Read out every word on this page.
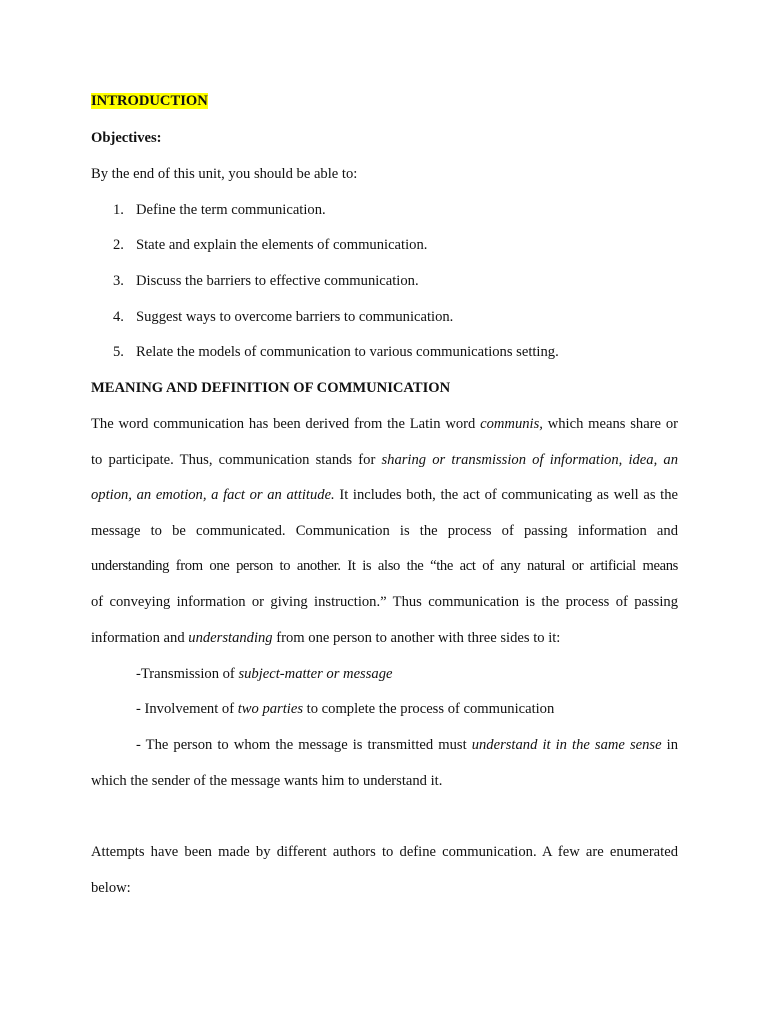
INTRODUCTION
Objectives:
By the end of this unit, you should be able to:
1. Define the term communication.
2. State and explain the elements of communication.
3. Discuss the barriers to effective communication.
4. Suggest ways to overcome barriers to communication.
5. Relate the models of communication to various communications setting.
MEANING AND DEFINITION OF COMMUNICATION
The word communication has been derived from the Latin word communis, which means share or
to participate. Thus, communication stands for sharing or transmission of information, idea, an
option, an emotion, a fact or an attitude. It includes both, the act of communicating as well as the
message to be communicated. Communication is the process of passing information and
understanding from one person to another. It is also the “the act of any natural or artificial means
of conveying information or giving instruction.” Thus communication is the process of passing
information and understanding from one person to another with three sides to it:
-Transmission of subject-matter or message
- Involvement of two parties to complete the process of communication
- The person to whom the message is transmitted must understand it in the same sense in
which the sender of the message wants him to understand it.
Attempts have been made by different authors to define communication. A few are enumerated
below:
